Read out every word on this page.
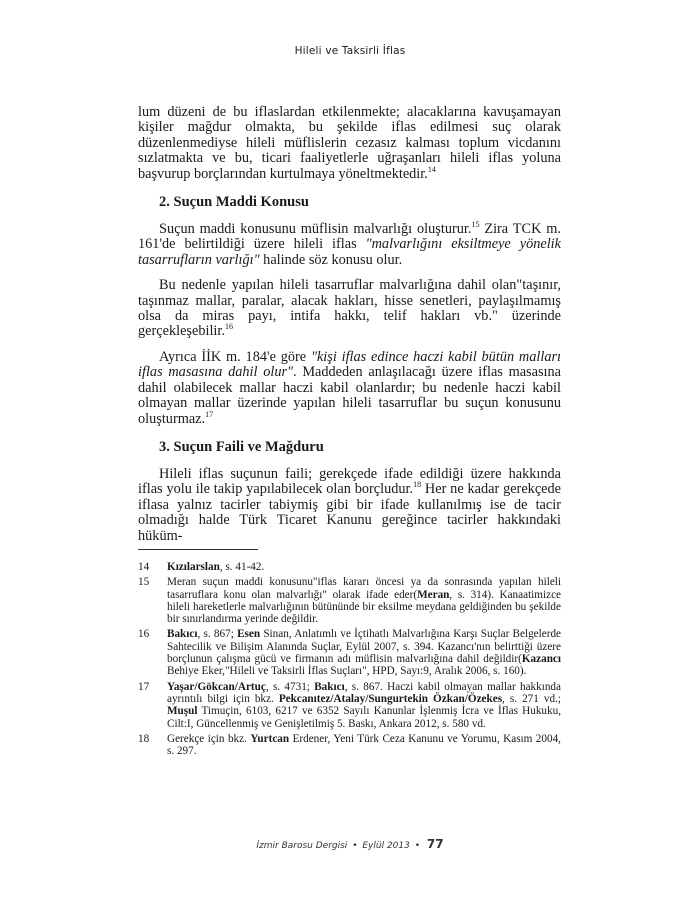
Hileli ve Taksirli İflas

lum düzeni de bu iflaslardan etkilenmekte; alacaklarına kavuşamayan kişiler mağdur olmakta, bu şekilde iflas edilmesi suç olarak düzenlenmediyse hileli müflislerin cezasız kalması toplum vicdanını sızlatmakta ve bu, ticari faaliyetlerle uğraşanları hileli iflas yoluna başvurup borçlarından kurtulmaya yöneltmektedir.$^{14}$

2. Suçun Maddi Konusu

Suçun maddi konusunu müflisin malvarlığı oluşturur.$^{15}$ Zira TCK m. 161'de belirtildiği üzere hileli iflas "malvarlığını eksiltmeye yönelik tasarrufların varlığı" halinde söz konusu olur.

Bu nedenle yapılan hileli tasarruflar malvarlığına dahil olan"taşınır, taşınmaz mallar, paralar, alacak hakları, hisse senetleri, paylaşılmamış olsa da miras payı, intifa hakkı, telif hakları vb." üzerinde gerçekleşebilir.$^{16}$

Ayrıca İİK m. 184'e göre "kişi iflas edince haczi kabil bütün malları iflas masasına dahil olur". Maddeden anlaşılacağı üzere iflas masasına dahil olabilecek mallar haczi kabil olanlardır; bu nedenle haczi kabil olmayan mallar üzerinde yapılan hileli tasarruflar bu suçun konusunu oluşturmaz.$^{17}$

3. Suçun Faili ve Mağduru

Hileli iflas suçunun faili; gerekçede ifade edildiği üzere hakkında iflas yolu ile takip yapılabilecek olan borçludur.$^{18}$ Her ne kadar gerekçede iflasa yalnız tacirler tabiymiş gibi bir ifade kullanılmış ise de tacir olmadığı halde Türk Ticaret Kanunu gereğince tacirler hakkındaki hüküm-

14	Kızılarslan, s. 41-42.
15	Meran suçun maddi konusunu"iflas kararı öncesi ya da sonrasında yapılan hileli tasarruflara konu olan malvarlığı" olarak ifade eder(Meran, s. 314). Kanaatimizce hileli hareketlerle malvarlığının bütününde bir eksilme meydana geldiğinden bu şekilde bir sınırlandırma yerinde değildir.
16	Bakıcı, s. 867; Esen Sinan, Anlatımlı ve İçtihatlı Malvarlığına Karşı Suçlar Belgelerde Sahtecilik ve Bilişim Alanında Suçlar, Eylül 2007, s. 394. Kazancı'nın belirttiği üzere borçlunun çalışma gücü ve firmanın adı müflisin malvarlığına dahil değildir(Kazancı Behiye Eker,"Hileli ve Taksirli İflas Suçları", HPD, Sayı:9, Aralık 2006, s. 160).
17	Yaşar/Gökcan/Artuç, s. 4731; Bakıcı, s. 867. Haczi kabil olmayan mallar hakkında ayrıntılı bilgi için bkz. Pekcanıtez/Atalay/Sungurtekin Özkan/Özekes, s. 271 vd.; Muşul Timuçin, 6103, 6217 ve 6352 Sayılı Kanunlar İşlenmiş İcra ve İflas Hukuku, Cilt:I, Güncellenmiş ve Genişletilmiş 5. Baskı, Ankara 2012, s. 580 vd.
18	Gerekçe için bkz. Yurtcan Erdener, Yeni Türk Ceza Kanunu ve Yorumu, Kasım 2004, s. 297.
İzmir Barosu Dergisi • Eylül 2013 • 77
